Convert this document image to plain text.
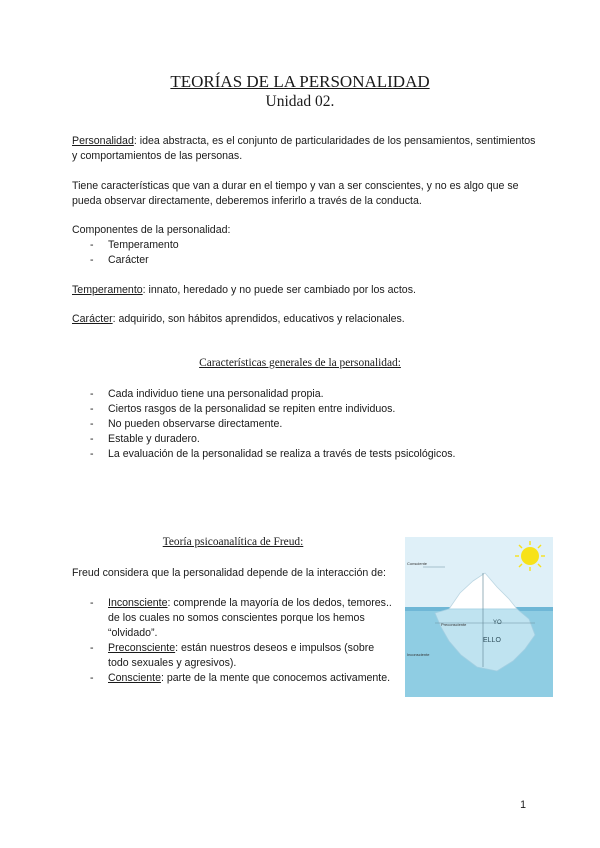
TEORÍAS DE LA PERSONALIDAD
Unidad 02.
Personalidad: idea abstracta, es el conjunto de particularidades de los pensamientos, sentimientos y comportamientos de las personas.
Tiene características que van a durar en el tiempo y van a ser conscientes, y no es algo que se pueda observar directamente, deberemos inferirlo a través de la conducta.
Componentes de la personalidad:
- Temperamento
- Carácter
Temperamento: innato, heredado y no puede ser cambiado por los actos.
Carácter: adquirido, son hábitos aprendidos, educativos y relacionales.
Características generales de la personalidad:
- Cada individuo tiene una personalidad propia.
- Ciertos rasgos de la personalidad se repiten entre individuos.
- No pueden observarse directamente.
- Estable y duradero.
- La evaluación de la personalidad se realiza a través de tests psicológicos.
Teoría psicoanalítica de Freud:
Freud considera que la personalidad depende de la interacción de:
- Inconsciente: comprende la mayoría de los dedos, temores.. de los cuales no somos conscientes porque los hemos “olvidado”.
- Preconsciente: están nuestros deseos e impulsos (sobre todo sexuales y agresivos).
- Consciente: parte de la mente que conocemos activamente.
Consciente
Preconsciente
Inconsciente
YO
ELLO
1
